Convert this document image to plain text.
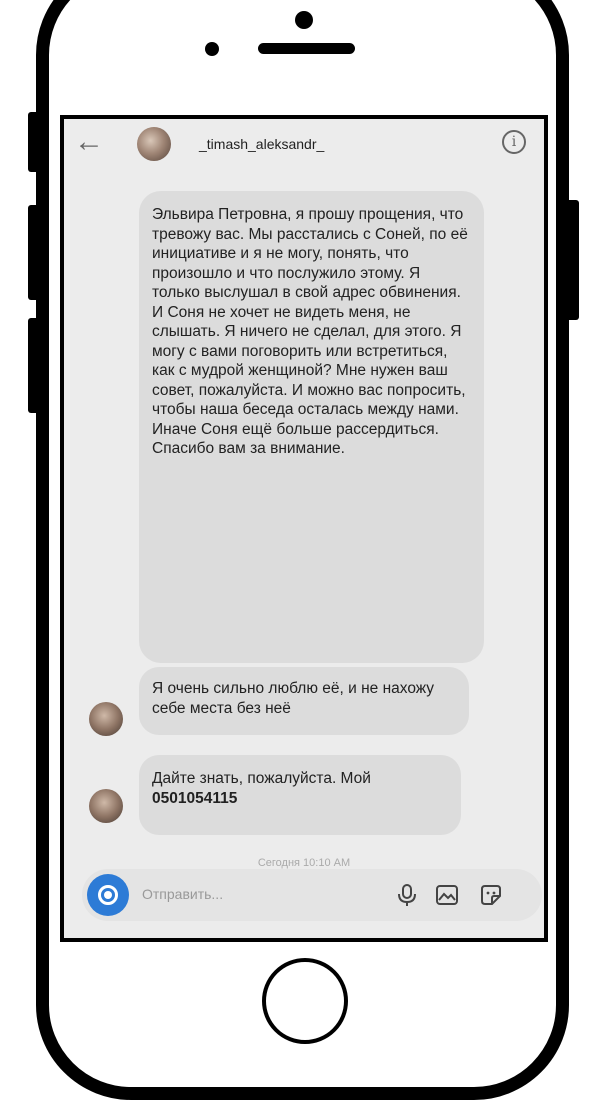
←	_timash_aleksandr_	i
Эльвира Петровна, я прошу прощения, что тревожу вас. Мы расстались с Соней, по её инициативе и я не могу, понять, что произошло и что послужило этому. Я только выслушал в свой адрес обвинения. И Соня не хочет не видеть меня, не слышать. Я ничего не сделал, для этого. Я могу с вами поговорить или встретиться, как с мудрой женщиной? Мне нужен ваш совет, пожалуйста. И можно вас попросить, чтобы наша беседа осталась между нами. Иначе Соня ещё больше рассердиться. Спасибо вам за внимание.
Я очень сильно люблю её, и не нахожу себе места без неё
Дайте знать, пожалуйста. Мой
0501054115
Сегодня 10:10 AM
Отправить...
